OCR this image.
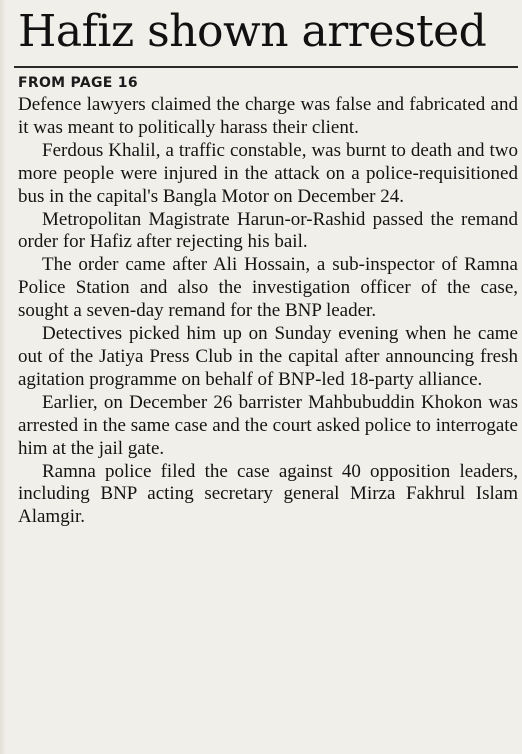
Hafiz shown arrested
FROM PAGE 16

Defence lawyers claimed the charge was false and fabricated and it was meant to politically harass their client.

Ferdous Khalil, a traffic constable, was burnt to death and two more people were injured in the attack on a police-requisitioned bus in the capital's Bangla Motor on December 24.

Metropolitan Magistrate Harun-or-Rashid passed the remand order for Hafiz after rejecting his bail.

The order came after Ali Hossain, a sub-inspector of Ramna Police Station and also the investigation officer of the case, sought a seven-day remand for the BNP leader.

Detectives picked him up on Sunday evening when he came out of the Jatiya Press Club in the capital after announcing fresh agitation programme on behalf of BNP-led 18-party alliance.

Earlier, on December 26 barrister Mahbubuddin Khokon was arrested in the same case and the court asked police to interrogate him at the jail gate.

Ramna police filed the case against 40 opposition leaders, including BNP acting secretary general Mirza Fakhrul Islam Alamgir.
